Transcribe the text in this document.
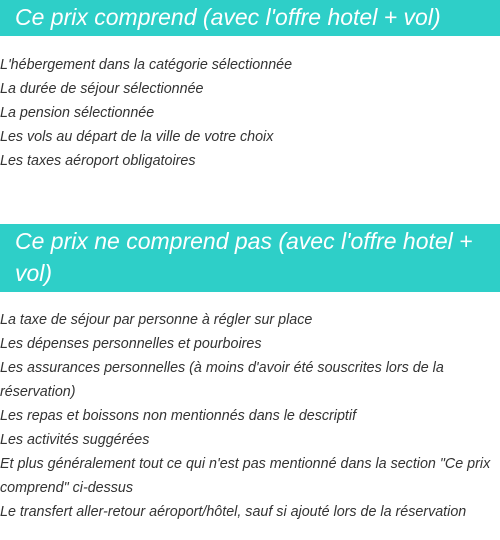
Ce prix comprend (avec l'offre hotel + vol)
L'hébergement dans la catégorie sélectionnée
La durée de séjour sélectionnée
La pension sélectionnée
Les vols au départ de la ville de votre choix
Les taxes aéroport obligatoires
Ce prix ne comprend pas (avec l'offre hotel + vol)
La taxe de séjour par personne à régler sur place
Les dépenses personnelles et pourboires
Les assurances personnelles (à moins d'avoir été souscrites lors de la réservation)
Les repas et boissons non mentionnés dans le descriptif
Les activités suggérées
Et plus généralement tout ce qui n'est pas mentionné dans la section "Ce prix comprend" ci-dessus
Le transfert aller-retour aéroport/hôtel, sauf si ajouté lors de la réservation
